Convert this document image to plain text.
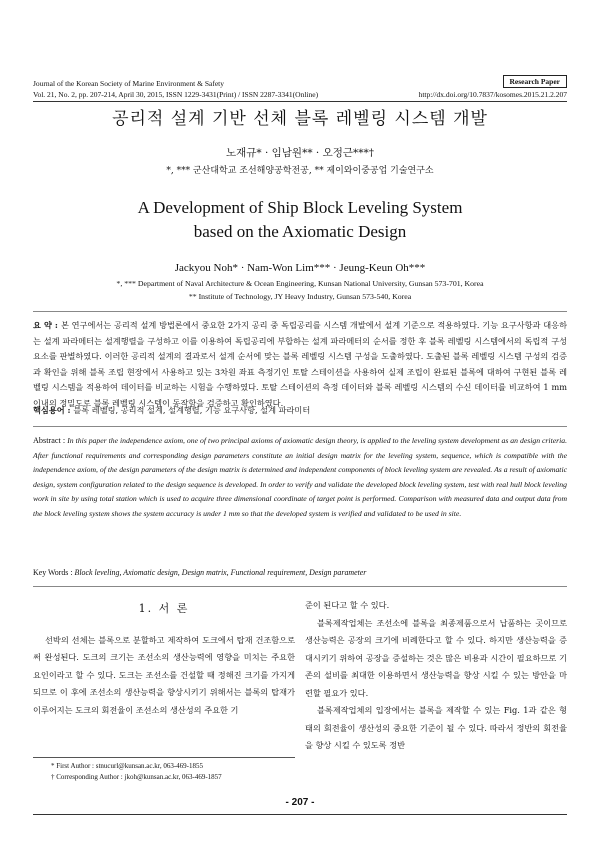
Journal of the Korean Society of Marine Environment & Safety
Vol. 21, No. 2, pp. 207-214, April 30, 2015, ISSN 1229-3431(Print) / ISSN 2287-3341(Online)
Research Paper
http://dx.doi.org/10.7837/kosomes.2015.21.2.207
공리적 설계 기반 선체 블록 레벨링 시스템 개발
노재규* · 임남원** · 오정근***†
*, *** 군산대학교 조선해양공학전공, ** 제이와이중공업 기술연구소
A Development of Ship Block Leveling System
based on the Axiomatic Design
Jackyou Noh* · Nam-Won Lim*** · Jeung-Keun Oh***
*, *** Department of Naval Architecture & Ocean Engineering, Kunsan National University, Gunsan 573-701, Korea
** Institute of Technology, JY Heavy Industry, Gunsan 573-540, Korea
요 약 : 본 연구에서는 공리적 설계 방법론에서 중요한 2가지 공리 중 독립공리를 시스템 개발에서 설계 기준으로 적용하였다. 기능 요구사항과 대응하는 설계 파라메터는 설계행렬을 구성하고 이를 이용하여 독립공리에 부합하는 설계 파라메터의 순서를 정한 후 블록 레벨링 시스템에서의 독립적 구성요소를 판별하였다. 이러한 공리적 설계의 결과로서 설계 순서에 맞는 블록 레벨링 시스템 구성을 도출하였다. 도출된 블록 레벨링 시스템 구성의 검증과 확인을 위해 블록 조립 현장에서 사용하고 있는 3차원 좌표 측정기인 토탈 스테이션을 사용하여 실제 조립이 완료된 블록에 대하여 구현된 블록 레벨링 시스템을 적용하여 데이터를 비교하는 시험을 수행하였다. 토탈 스테이션의 측정 데이터와 블록 레벨링 시스템의 수신 데이터를 비교하여 1 mm 이내의 정밀도로 블록 레벨링 시스템이 동작함을 검증하고 확인하였다.
핵심용어 : 블록 레벨링, 공리적 설계, 설계행렬, 기능 요구사항, 설계 파라미터
Abstract : In this paper the independence axiom, one of two principal axioms of axiomatic design theory, is applied to the leveling system development as an design criteria. After functional requirements and corresponding design parameters constitute an initial design matrix for the leveling system, sequence, which is compatible with the independence axiom, of the design parameters of the design matrix is determined and independent components of block leveling system are revealed. As a result of axiomatic design, system configuration related to the design sequence is developed. In order to verify and validate the developed block leveling system, test with real hull block leveling work in site by using total station which is used to acquire three dimensional coordinate of target point is performed. Comparison with measured data and output data from the block leveling system shows the system accuracy is under 1 mm so that the developed system is verified and validated to be used in site.
Key Words : Block leveling, Axiomatic design, Design matrix, Functional requirement, Design parameter
1. 서 론

선박의 선체는 블록으로 분할하고 제작하여 도크에서 탑재 건조함으로써 완성된다. 도크의 크기는 조선소의 생산능력에 영향을 미치는 주요한 요인이라고 할 수 있다. 도크는 조선소를 건설할 때 정해진 크기를 가지게 되므로 이 후에 조선소의 생산능력을 향상시키기 위해서는 블록의 탑재가 이루어지는 도크의 회전율이 조선소의 생산성의 주요한 기

준이 된다고 할 수 있다.

블록제작업체는 조선소에 블록을 최종제품으로서 납품하는 곳이므로 생산능력은 공장의 크기에 비례한다고 할 수 있다. 하지만 생산능력을 증대시키기 위하여 공장을 증설하는 것은 많은 비용과 시간이 필요하므로 기존의 설비를 최대한 이용하면서 생산능력을 향상 시킬 수 있는 방안을 마련할 필요가 있다.

블록제작업체의 입장에서는 블록을 제작할 수 있는 Fig. 1과 같은 형태의 회전율이 생산성의 중요한 기준이 될 수 있다. 따라서 정반의 회전율을 향상 시킬 수 있도록 정반

* First Author : stnucurl@kunsan.ac.kr, 063-469-1855
† Corresponding Author : jkoh@kunsan.ac.kr, 063-469-1857
- 207 -
